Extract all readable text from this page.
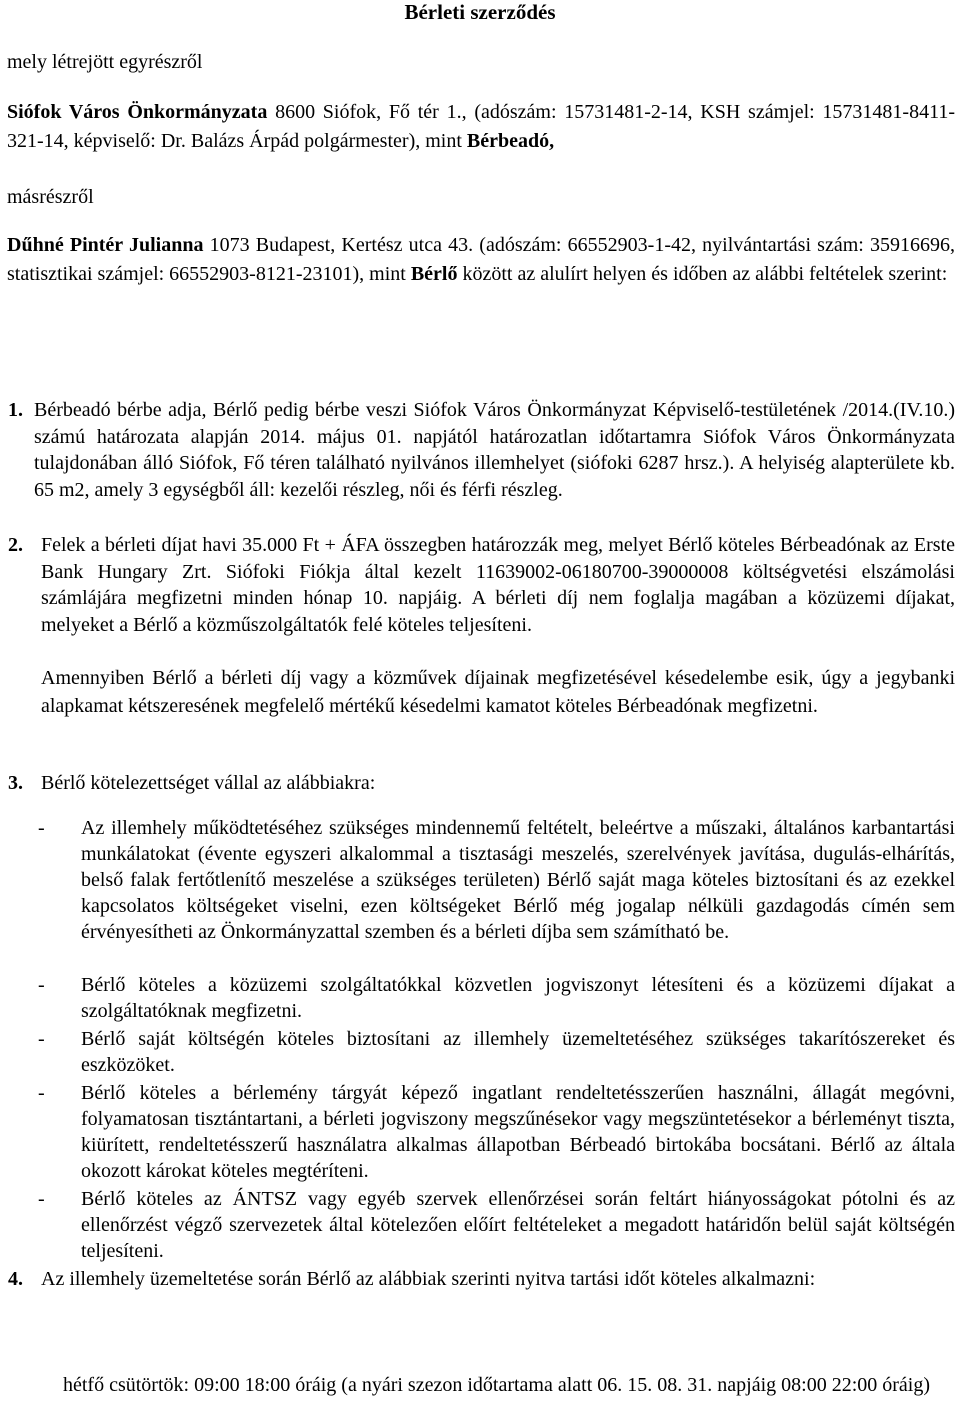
Bérleti szerződés
mely létrejött egyrészről
Siófok Város Önkormányzata 8600 Siófok, Fő tér 1., (adószám: 15731481-2-14, KSH számjel: 15731481-8411-321-14, képviselő: Dr. Balázs Árpád polgármester), mint Bérbeadó,
másrészről
Dűhné Pintér Julianna 1073 Budapest, Kertész utca 43. (adószám: 66552903-1-42, nyilvántartási szám: 35916696, statisztikai számjel: 66552903-8121-23101), mint Bérlő között az alulírt helyen és időben az alábbi feltételek szerint:
1. Bérbeadó bérbe adja, Bérlő pedig bérbe veszi Siófok Város Önkormányzat Képviselő-testületének /2014.(IV.10.) számú határozata alapján 2014. május 01. napjától határozatlan időtartamra Siófok Város Önkormányzata tulajdonában álló Siófok, Fő téren található nyilvános illemhelyet (siófoki 6287 hrsz.). A helyiség alapterülete kb. 65 m2, amely 3 egységből áll: kezelői részleg, női és férfi részleg.
2. Felek a bérleti díjat havi 35.000 Ft + ÁFA összegben határozzák meg, melyet Bérlő köteles Bérbeadónak az Erste Bank Hungary Zrt. Siófoki Fiókja által kezelt 11639002-06180700-39000008 költségvetési elszámolási számlájára megfizetni minden hónap 10. napjáig. A bérleti díj nem foglalja magában a közüzemi díjakat, melyeket a Bérlő a közműszolgáltatók felé köteles teljesíteni.
Amennyiben Bérlő a bérleti díj vagy a közművek díjainak megfizetésével késedelembe esik, úgy a jegybanki alapkamat kétszeresének megfelelő mértékű késedelmi kamatot köteles Bérbeadónak megfizetni.
3. Bérlő kötelezettséget vállal az alábbiakra:
- Az illemhely működtetéséhez szükséges mindennemű feltételt, beleértve a műszaki, általános karbantartási munkálatokat (évente egyszeri alkalommal a tisztasági meszelés, szerelvények javítása, dugulás-elhárítás, belső falak fertőtlenítő meszelése a szükséges területen) Bérlő saját maga köteles biztosítani és az ezekkel kapcsolatos költségeket viselni, ezen költségeket Bérlő még jogalap nélküli gazdagodás címén sem érvényesítheti az Önkormányzattal szemben és a bérleti díjba sem számítható be.
- Bérlő köteles a közüzemi szolgáltatókkal közvetlen jogviszonyt létesíteni és a közüzemi díjakat a szolgáltatóknak megfizetni.
- Bérlő saját költségén köteles biztosítani az illemhely üzemeltetéséhez szükséges takarítószereket és eszközöket.
- Bérlő köteles a bérlemény tárgyát képező ingatlant rendeltetésszerűen használni, állagát megóvni, folyamatosan tisztántartani, a bérleti jogviszony megszűnésekor vagy megszüntetésekor a bérleményt tiszta, kiürített, rendeltetésszerű használatra alkalmas állapotban Bérbeadó birtokába bocsátani. Bérlő az általa okozott károkat köteles megtéríteni.
- Bérlő köteles az ÁNTSZ vagy egyéb szervek ellenőrzései során feltárt hiányosságokat pótolni és az ellenőrzést végző szervezetek által kötelezően előírt feltételeket a megadott határidőn belül saját költségén teljesíteni.
4. Az illemhely üzemeltetése során Bérlő az alábbiak szerinti nyitva tartási időt köteles alkalmazni:
hétfő csütörtök: 09:00 18:00 óráig (a nyári szezon időtartama alatt 06. 15. 08. 31. napjáig 08:00 22:00 óráig)
